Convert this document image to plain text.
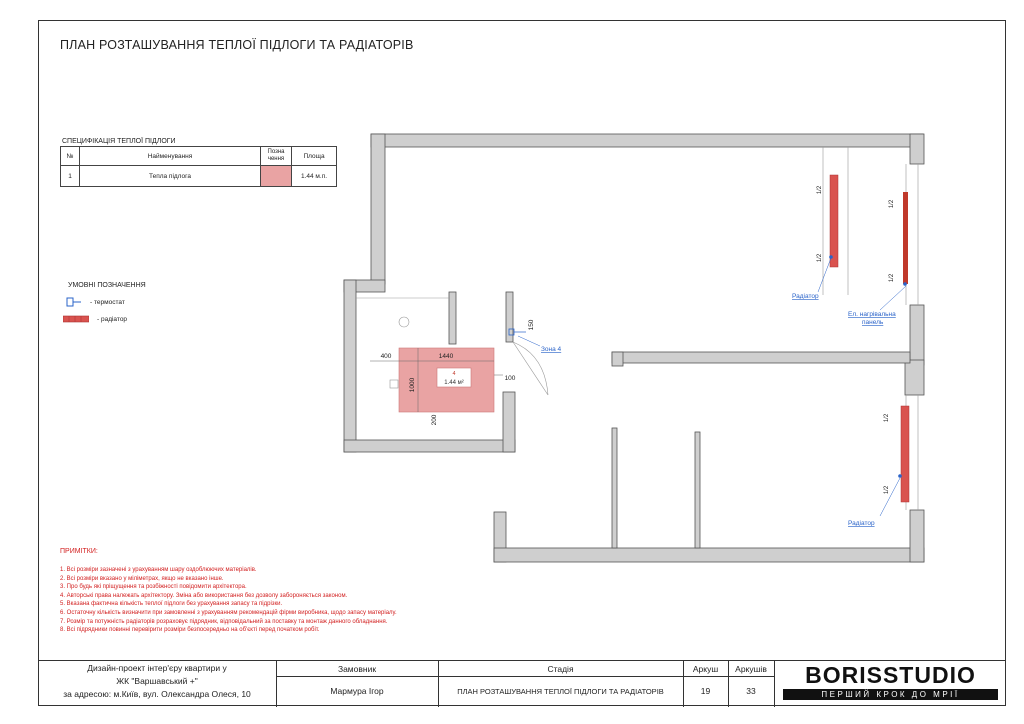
ПЛАН РОЗТАШУВАННЯ ТЕПЛОЇ ПІДЛОГИ ТА РАДІАТОРІВ
СПЕЦИФІКАЦІЯ ТЕПЛОЇ ПІДЛОГИ
№	Найменування	Позна чення	Площа
1	Тепла підлога		1.44 м.п.
УМОВНІ ПОЗНАЧЕННЯ
- термостат
- радіатор
4
1.44 м²
1440
400
1000	100
200
150
Зона 4
Радіатор
Радіатор
Ел. нагрівальна
панель
1/2
1/2
1/2
1/2
1/2
1/2
ПРИМІТКИ:
1. Всі розміри зазначені з урахуванням шару оздоблюючих матеріалів.
2. Всі розміри вказано у міліметрах, якщо не вказано інше.
3. Про будь які пріщущення та розбіжності повідомити архітектора.
4. Авторські права належать архітектору. Зміна або використання без дозволу забороняється законом.
5. Вказана фактична кількість теплої підлоги без урахування запасу та підрізки.
6. Остаточну кількість визначити при замовленні з урахуванням рекомендацій фірми виробника, щодо запасу матеріалу.
7. Розмір та потужність радіаторів розраховує підрядник, відповідальний за поставку та монтаж данного обладнання.
8. Всі підрядники повинні перевірити розміри безпосередньо на об'єкті перед початком робіт.
Дизайн-проект інтер'єру квартири у
ЖК "Варшавський +"
за адресою: м.Київ, вул. Олександра Олеся, 10
Замовник
Мармура Ігор
Стадія
ПЛАН РОЗТАШУВАННЯ ТЕПЛОЇ ПІДЛОГИ ТА РАДІАТОРІВ
Аркуш
19
Аркушів
33
BORISSTUDIO
ПЕРШИЙ КРОК ДО МРІЇ
